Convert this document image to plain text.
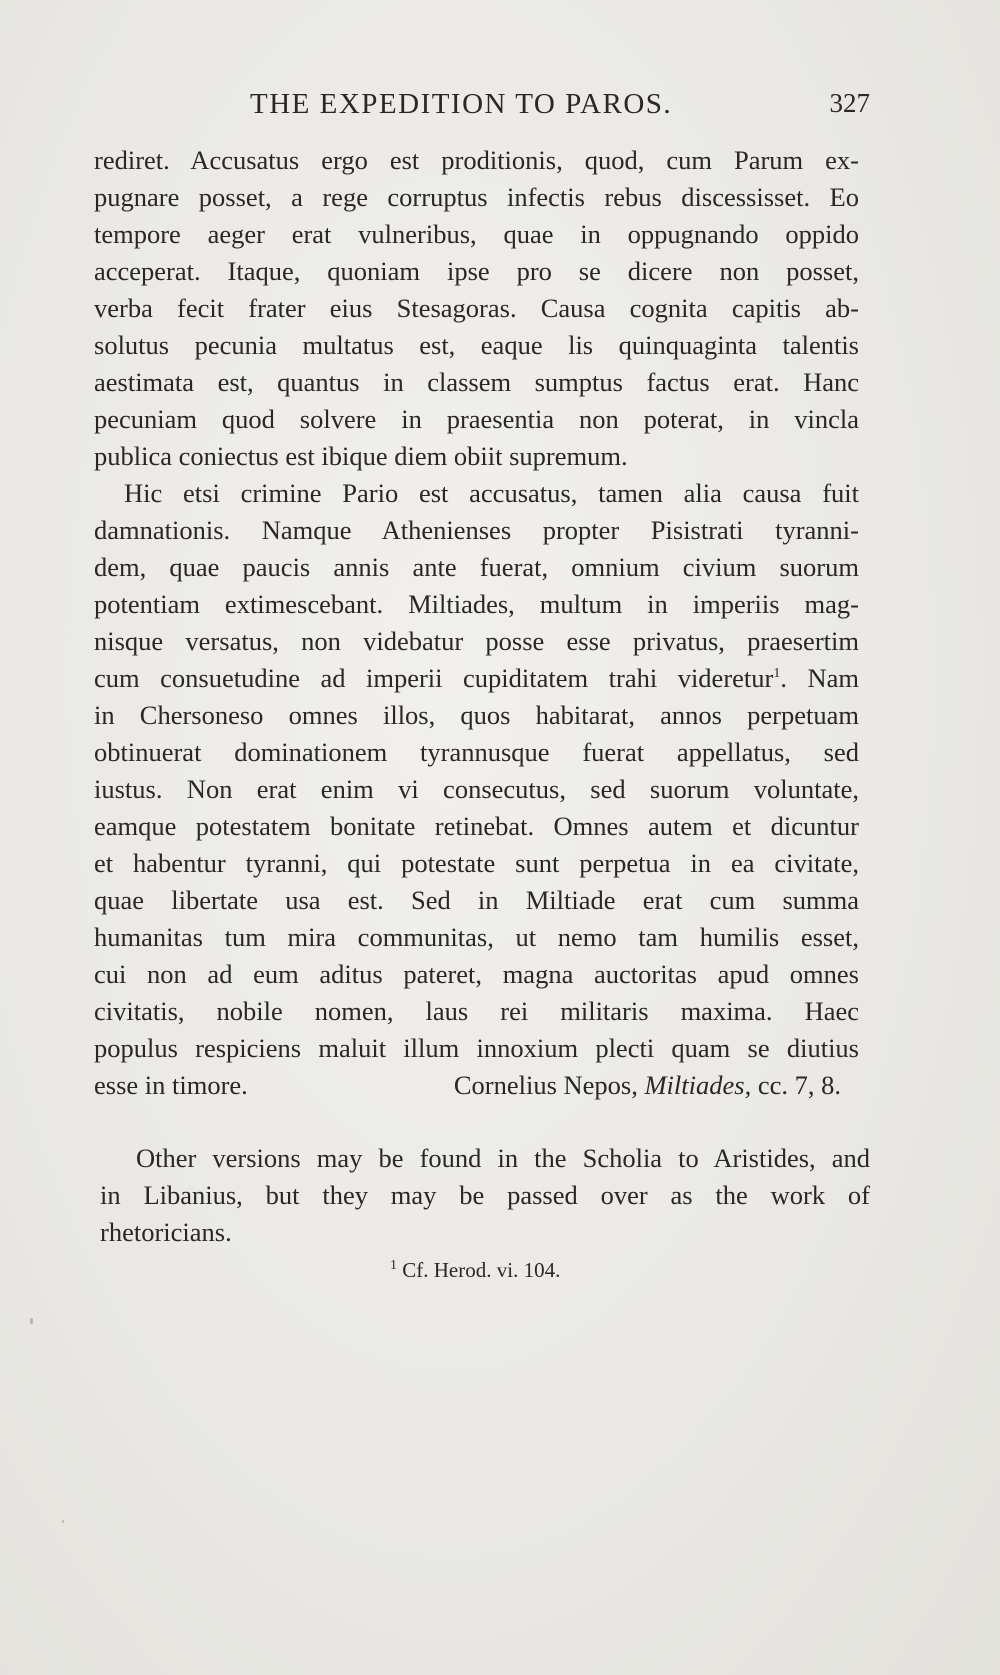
THE EXPEDITION TO PAROS.	327

rediret. Accusatus ergo est proditionis, quod, cum Parum ex-
pugnare posset, a rege corruptus infectis rebus discessisset. Eo
tempore aeger erat vulneribus, quae in oppugnando oppido
acceperat. Itaque, quoniam ipse pro se dicere non posset,
verba fecit frater eius Stesagoras. Causa cognita capitis ab-
solutus pecunia multatus est, eaque lis quinquaginta talentis
aestimata est, quantus in classem sumptus factus erat. Hanc
pecuniam quod solvere in praesentia non poterat, in vincla
publica coniectus est ibique diem obiit supremum.

Hic etsi crimine Pario est accusatus, tamen alia causa fuit
damnationis. Namque Athenienses propter Pisistrati tyranni-
dem, quae paucis annis ante fuerat, omnium civium suorum
potentiam extimescebant. Miltiades, multum in imperiis mag-
nisque versatus, non videbatur posse esse privatus, praesertim
cum consuetudine ad imperii cupiditatem trahi videretur$^1$. Nam
in Chersoneso omnes illos, quos habitarat, annos perpetuam
obtinuerat dominationem tyrannusque fuerat appellatus, sed
iustus. Non erat enim vi consecutus, sed suorum voluntate,
eamque potestatem bonitate retinebat. Omnes autem et dicuntur
et habentur tyranni, qui potestate sunt perpetua in ea civitate,
quae libertate usa est. Sed in Miltiade erat cum summa
humanitas tum mira communitas, ut nemo tam humilis esset,
cui non ad eum aditus pateret, magna auctoritas apud omnes
civitatis, nobile nomen, laus rei militaris maxima. Haec
populus respiciens maluit illum innoxium plecti quam se diutius
esse in timore.	Cornelius Nepos, Miltiades, cc. 7, 8.

Other versions may be found in the Scholia to Aristides, and
in Libanius, but they may be passed over as the work of
rhetoricians.
$^1$ Cf. Herod. vi. 104.
